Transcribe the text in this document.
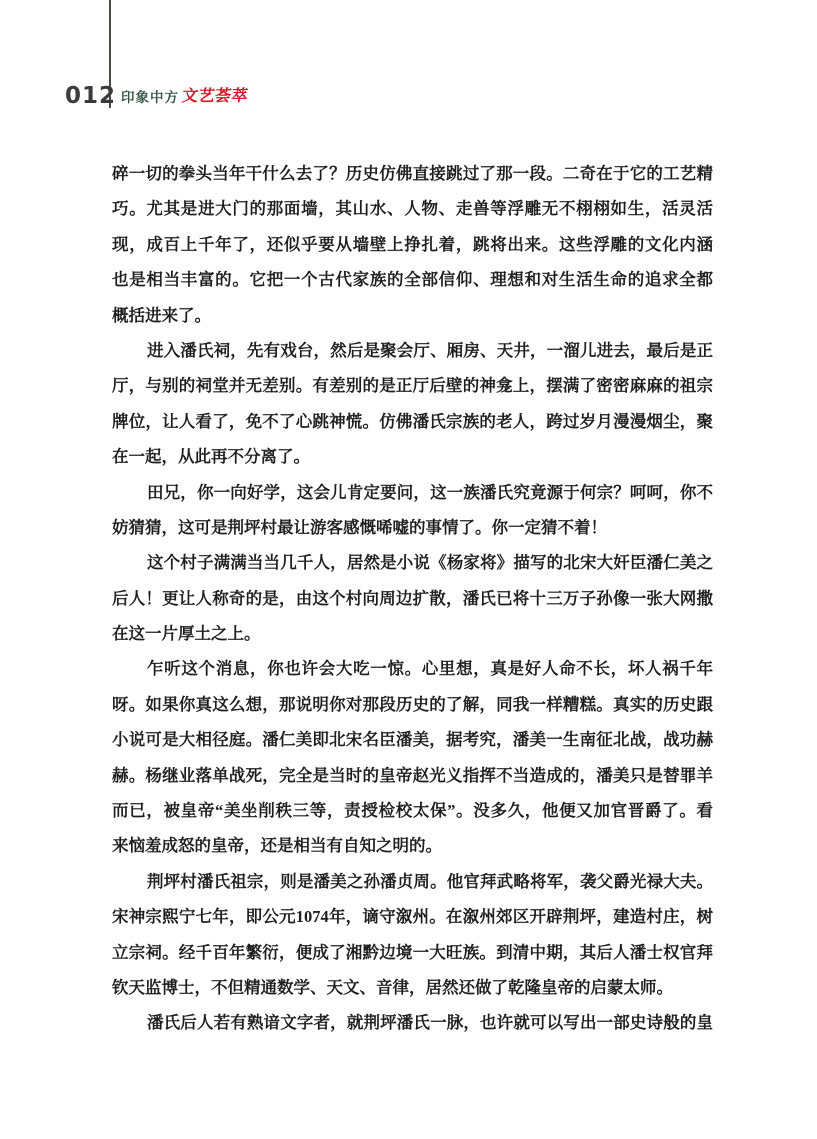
012 印象中方 文艺荟萃
碎一切的拳头当年干什么去了？历史仿佛直接跳过了那一段。二奇在于它的工艺精
巧。尤其是进大门的那面墙，其山水、人物、走兽等浮雕无不栩栩如生，活灵活
现，成百上千年了，还似乎要从墙壁上挣扎着，跳将出来。这些浮雕的文化内涵
也是相当丰富的。它把一个古代家族的全部信仰、理想和对生活生命的追求全都
概括进来了。
进入潘氏祠，先有戏台，然后是聚会厅、厢房、天井，一溜儿进去，最后是正
厅，与别的祠堂并无差别。有差别的是正厅后壁的神龛上，摆满了密密麻麻的祖宗
牌位，让人看了，免不了心跳神慌。仿佛潘氏宗族的老人，跨过岁月漫漫烟尘，聚
在一起，从此再不分离了。
田兄，你一向好学，这会儿肯定要问，这一族潘氏究竟源于何宗？呵呵，你不
妨猜猜，这可是荆坪村最让游客感慨唏嘘的事情了。你一定猜不着！
这个村子满满当当几千人，居然是小说《杨家将》描写的北宋大奸臣潘仁美之
后人！更让人称奇的是，由这个村向周边扩散，潘氏已将十三万子孙像一张大网撒
在这一片厚土之上。
乍听这个消息，你也许会大吃一惊。心里想，真是好人命不长，坏人祸千年
呀。如果你真这么想，那说明你对那段历史的了解，同我一样糟糕。真实的历史跟
小说可是大相径庭。潘仁美即北宋名臣潘美，据考究，潘美一生南征北战，战功赫
赫。杨继业落单战死，完全是当时的皇帝赵光义指挥不当造成的，潘美只是替罪羊
而已，被皇帝“美坐削秩三等，责授检校太保”。没多久，他便又加官晋爵了。看
来恼羞成怒的皇帝，还是相当有自知之明的。
荆坪村潘氏祖宗，则是潘美之孙潘贞周。他官拜武略将军，袭父爵光禄大夫。
宋神宗熙宁七年，即公元1074年，谪守溆州。在溆州郊区开辟荆坪，建造村庄，树
立宗祠。经千百年繁衍，便成了湘黔边境一大旺族。到清中期，其后人潘士权官拜
钦天监博士，不但精通数学、天文、音律，居然还做了乾隆皇帝的启蒙太师。
潘氏后人若有熟谙文字者，就荆坪潘氏一脉，也许就可以写出一部史诗般的皇
